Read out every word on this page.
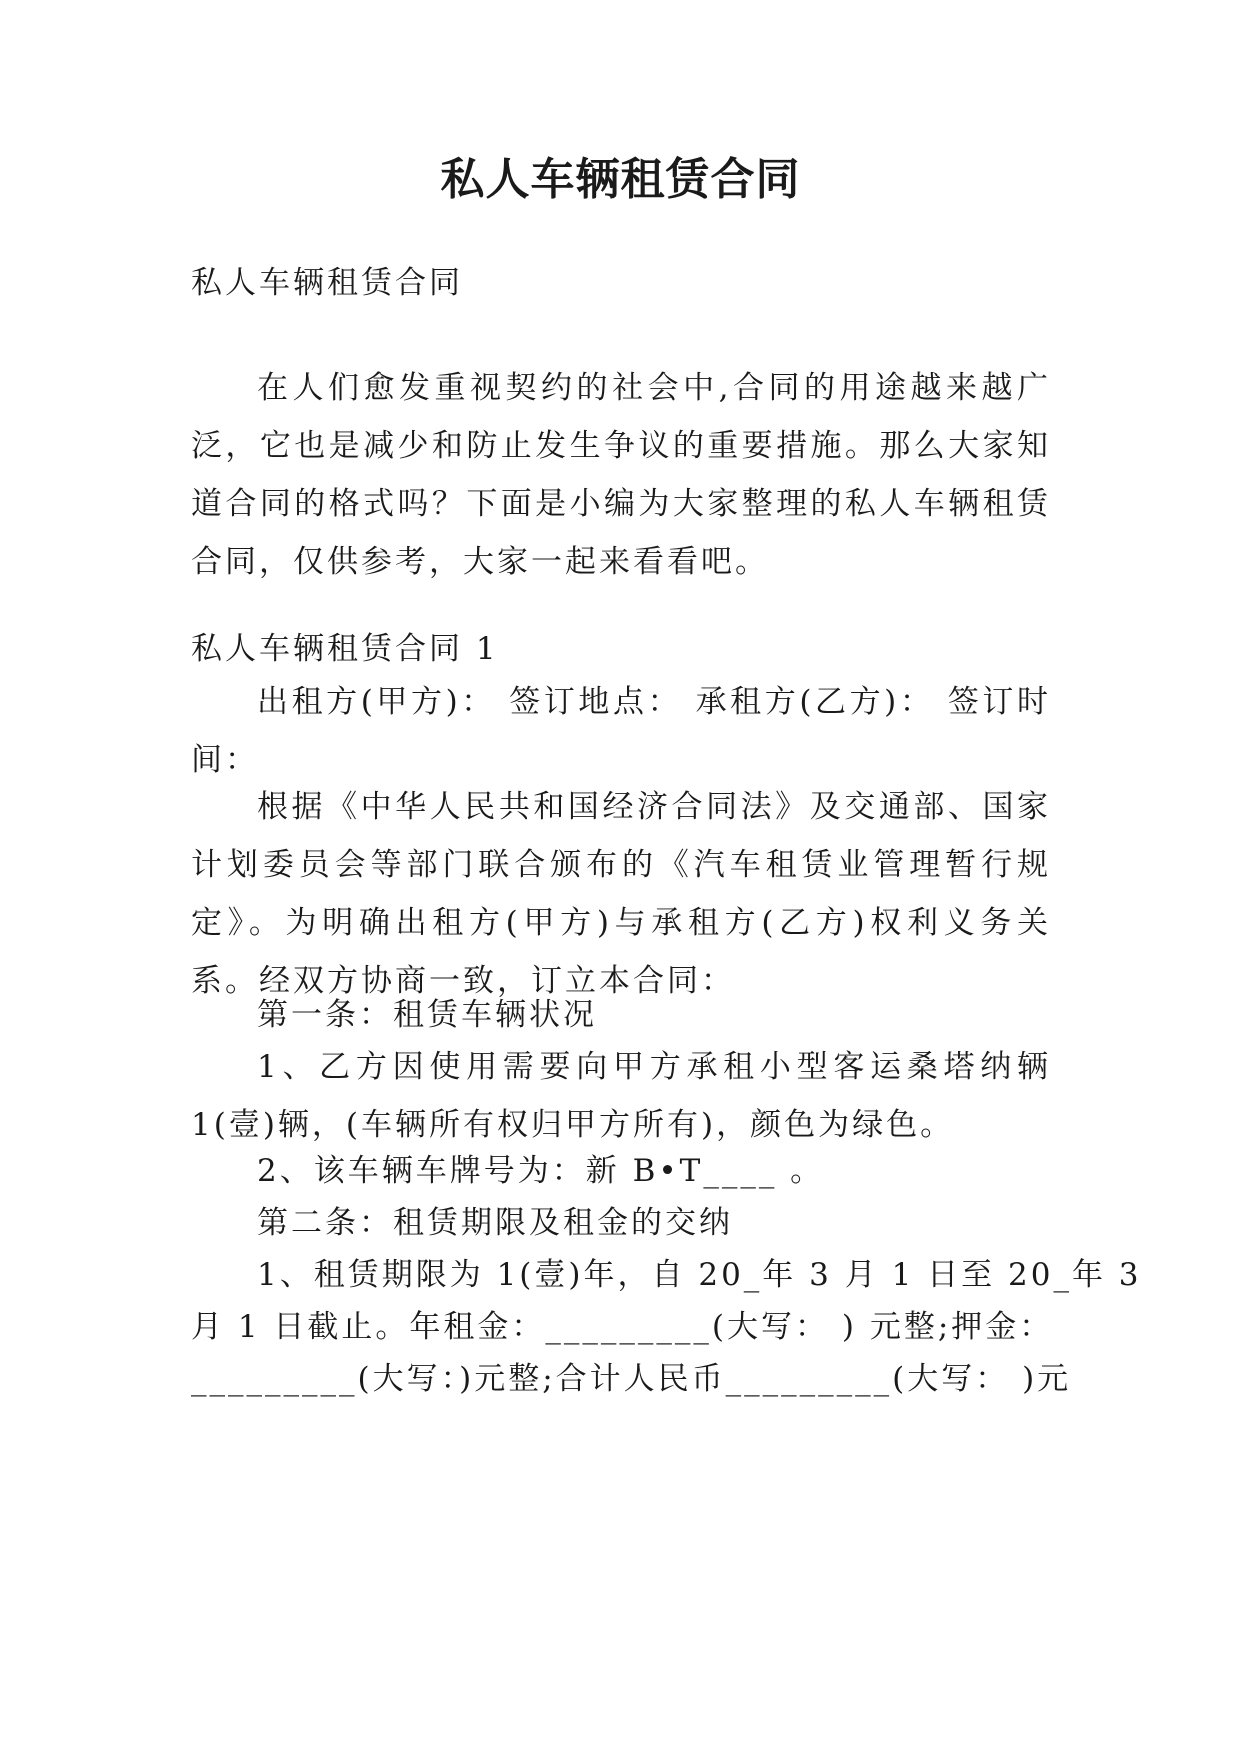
私人车辆租赁合同
私人车辆租赁合同
在人们愈发重视契约的社会中,合同的用途越来越广泛，它也是减少和防止发生争议的重要措施。那么大家知道合同的格式吗？下面是小编为大家整理的私人车辆租赁合同，仅供参考，大家一起来看看吧。
私人车辆租赁合同 1
出租方(甲方)： 签订地点： 承租方(乙方)： 签订时间：
根据《中华人民共和国经济合同法》及交通部、国家计划委员会等部门联合颁布的《汽车租赁业管理暂行规定》。为明确出租方(甲方)与承租方(乙方)权利义务关系。经双方协商一致，订立本合同：
第一条：租赁车辆状况
1、乙方因使用需要向甲方承租小型客运桑塔纳辆 1(壹)辆，(车辆所有权归甲方所有)，颜色为绿色。
2、该车辆车牌号为：新 B•T____ 。
第二条：租赁期限及租金的交纳
1、租赁期限为 1(壹)年，自 20_年 3 月 1 日至 20_年 3
月 1 日截止。年租金：_________(大写： ) 元整;押金：
_________(大写：)元整;合计人民币_________(大写： )元
